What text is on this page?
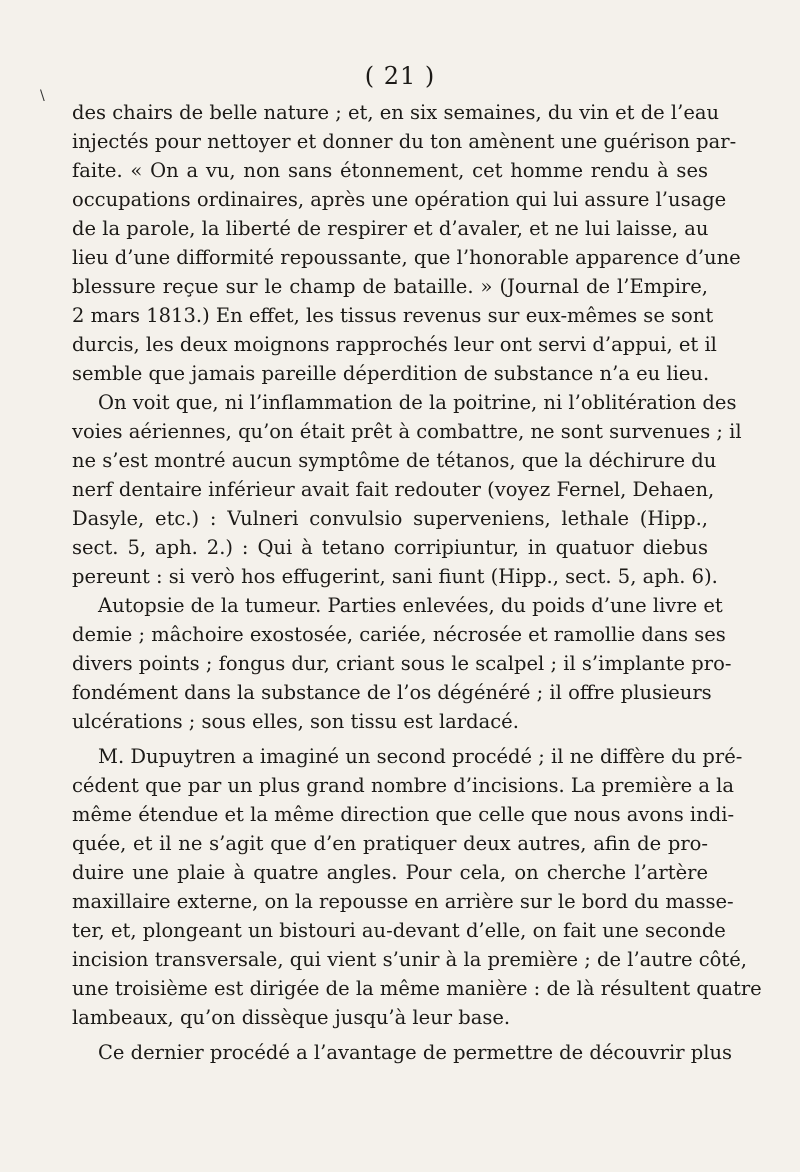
\
( 21 )
des chairs de belle nature ; et, en six semaines, du vin et de l’eau
injectés pour nettoyer et donner du ton amènent une guérison par-
faite. « On a vu, non sans étonnement, cet homme rendu à ses
occupations ordinaires, après une opération qui lui assure l’usage
de la parole, la liberté de respirer et d’avaler, et ne lui laisse, au
lieu d’une difformité repoussante, que l’honorable apparence d’une
blessure reçue sur le champ de bataille. » (Journal de l’Empire,
2 mars 1813.) En effet, les tissus revenus sur eux-mêmes se sont
durcis, les deux moignons rapprochés leur ont servi d’appui, et il
semble que jamais pareille déperdition de substance n’a eu lieu.
On voit que, ni l’inflammation de la poitrine, ni l’oblitération des
voies aériennes, qu’on était prêt à combattre, ne sont survenues ; il
ne s’est montré aucun symptôme de tétanos, que la déchirure du
nerf dentaire inférieur avait fait redouter (voyez Fernel, Dehaen,
Dasyle, etc.) : Vulneri convulsio superveniens, lethale (Hipp.,
sect. 5, aph. 2.) : Qui à tetano corripiuntur, in quatuor diebus
pereunt : si verò hos effugerint, sani fiunt (Hipp., sect. 5, aph. 6).
Autopsie de la tumeur. Parties enlevées, du poids d’une livre et
demie ; mâchoire exostosée, cariée, nécrosée et ramollie dans ses
divers points ; fongus dur, criant sous le scalpel ; il s’implante pro-
fondément dans la substance de l’os dégénéré ; il offre plusieurs
ulcérations ; sous elles, son tissu est lardacé.
M. Dupuytren a imaginé un second procédé ; il ne diffère du pré-
cédent que par un plus grand nombre d’incisions. La première a la
même étendue et la même direction que celle que nous avons indi-
quée, et il ne s’agit que d’en pratiquer deux autres, afin de pro-
duire une plaie à quatre angles. Pour cela, on cherche l’artère
maxillaire externe, on la repousse en arrière sur le bord du masse-
ter, et, plongeant un bistouri au-devant d’elle, on fait une seconde
incision transversale, qui vient s’unir à la première ; de l’autre côté,
une troisième est dirigée de la même manière : de là résultent quatre
lambeaux, qu’on dissèque jusqu’à leur base.
Ce dernier procédé a l’avantage de permettre de découvrir plus
